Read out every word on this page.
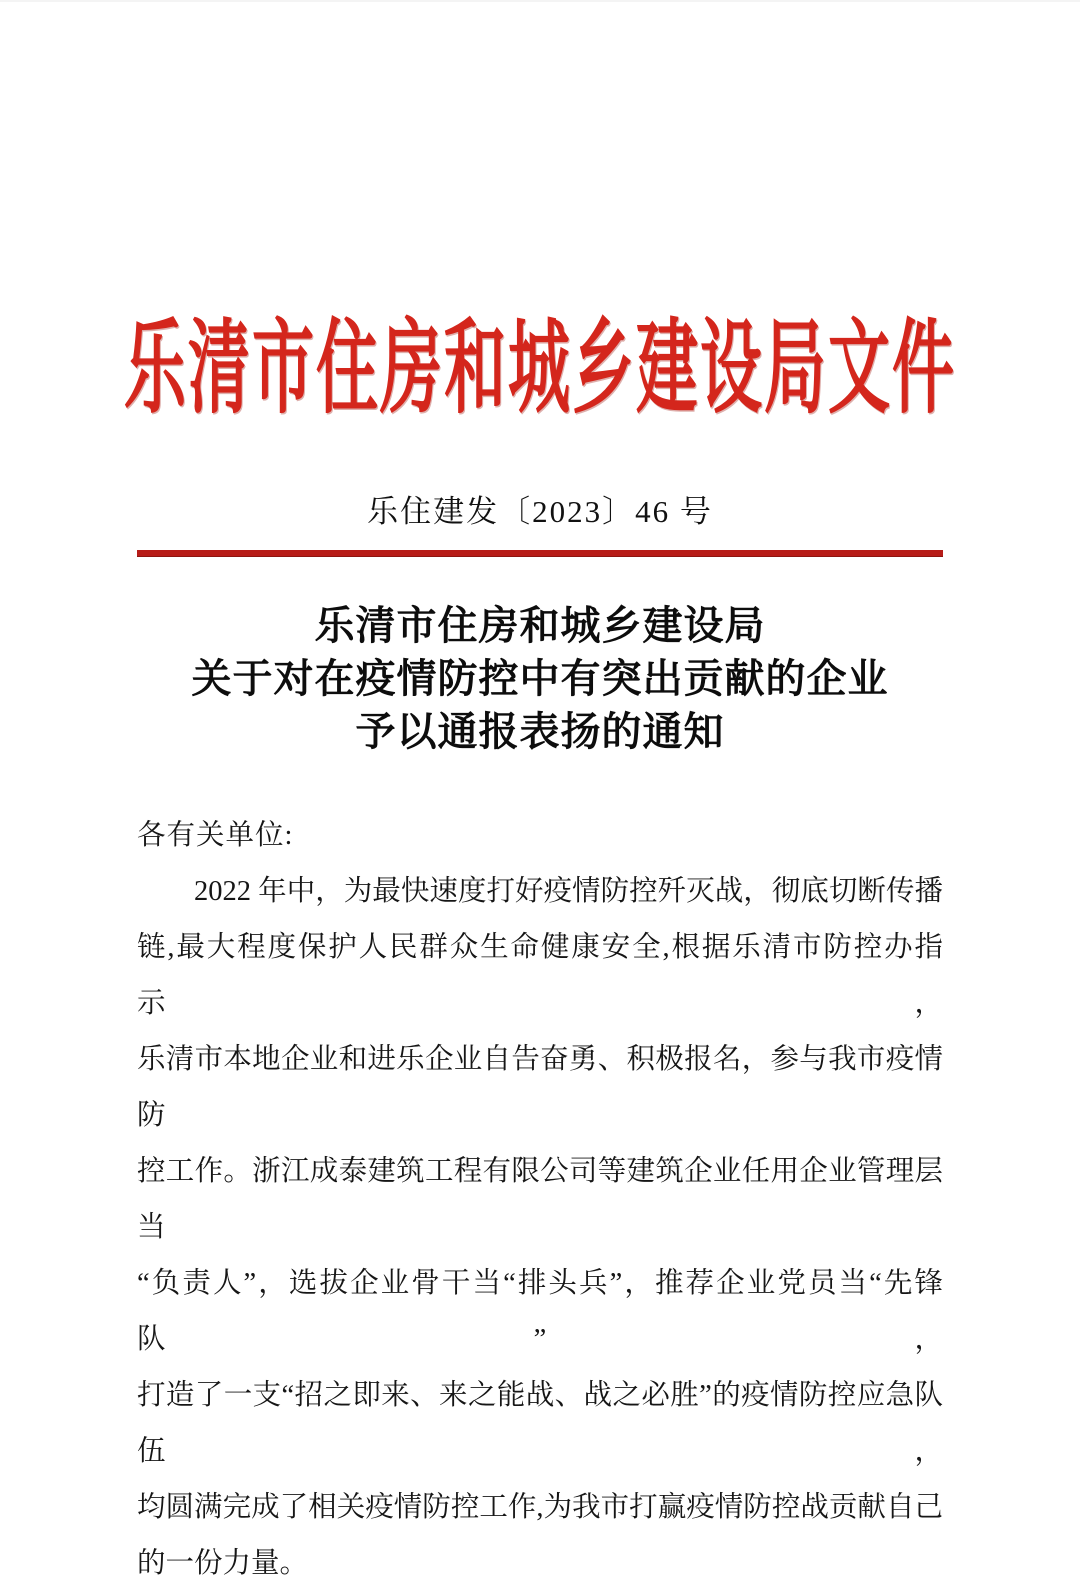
乐清市住房和城乡建设局文件
乐住建发〔2023〕46 号
乐清市住房和城乡建设局
关于对在疫情防控中有突出贡献的企业
予以通报表扬的通知
各有关单位:
2022 年中，为最快速度打好疫情防控歼灭战，彻底切断传播
链,最大程度保护人民群众生命健康安全,根据乐清市防控办指示，
乐清市本地企业和进乐企业自告奋勇、积极报名，参与我市疫情防
控工作。浙江成泰建筑工程有限公司等建筑企业任用企业管理层当
“负责人”，选拔企业骨干当“排头兵”，推荐企业党员当“先锋队”，
打造了一支“招之即来、来之能战、战之必胜”的疫情防控应急队伍，
均圆满完成了相关疫情防控工作,为我市打赢疫情防控战贡献自己
的一份力量。
